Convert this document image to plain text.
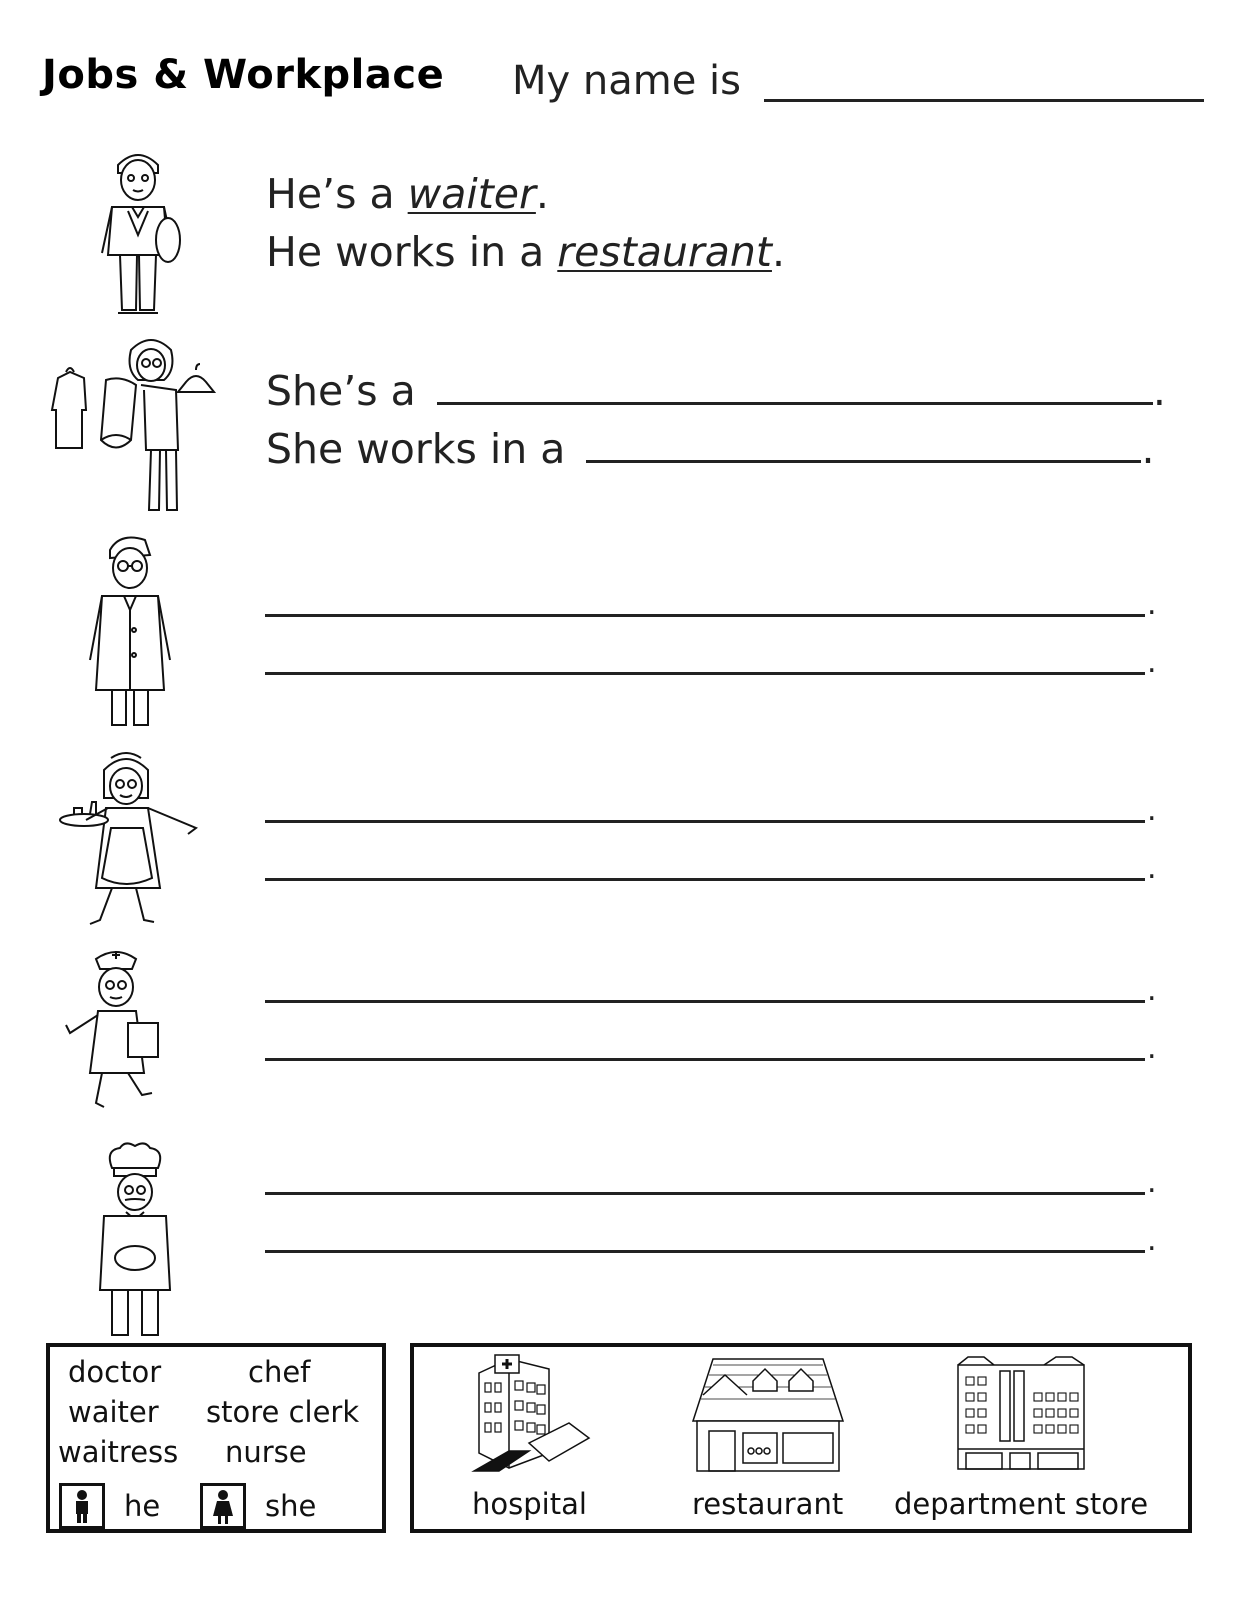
Jobs & Workplace My name is
He’s a waiter.
He works in a restaurant.
She’s a	.
She works in a	.
.
.
.
.
.
.
.
.
doctor	chef
waiter store clerk
waitress nurse
he	she	hospital	restaurant department store
